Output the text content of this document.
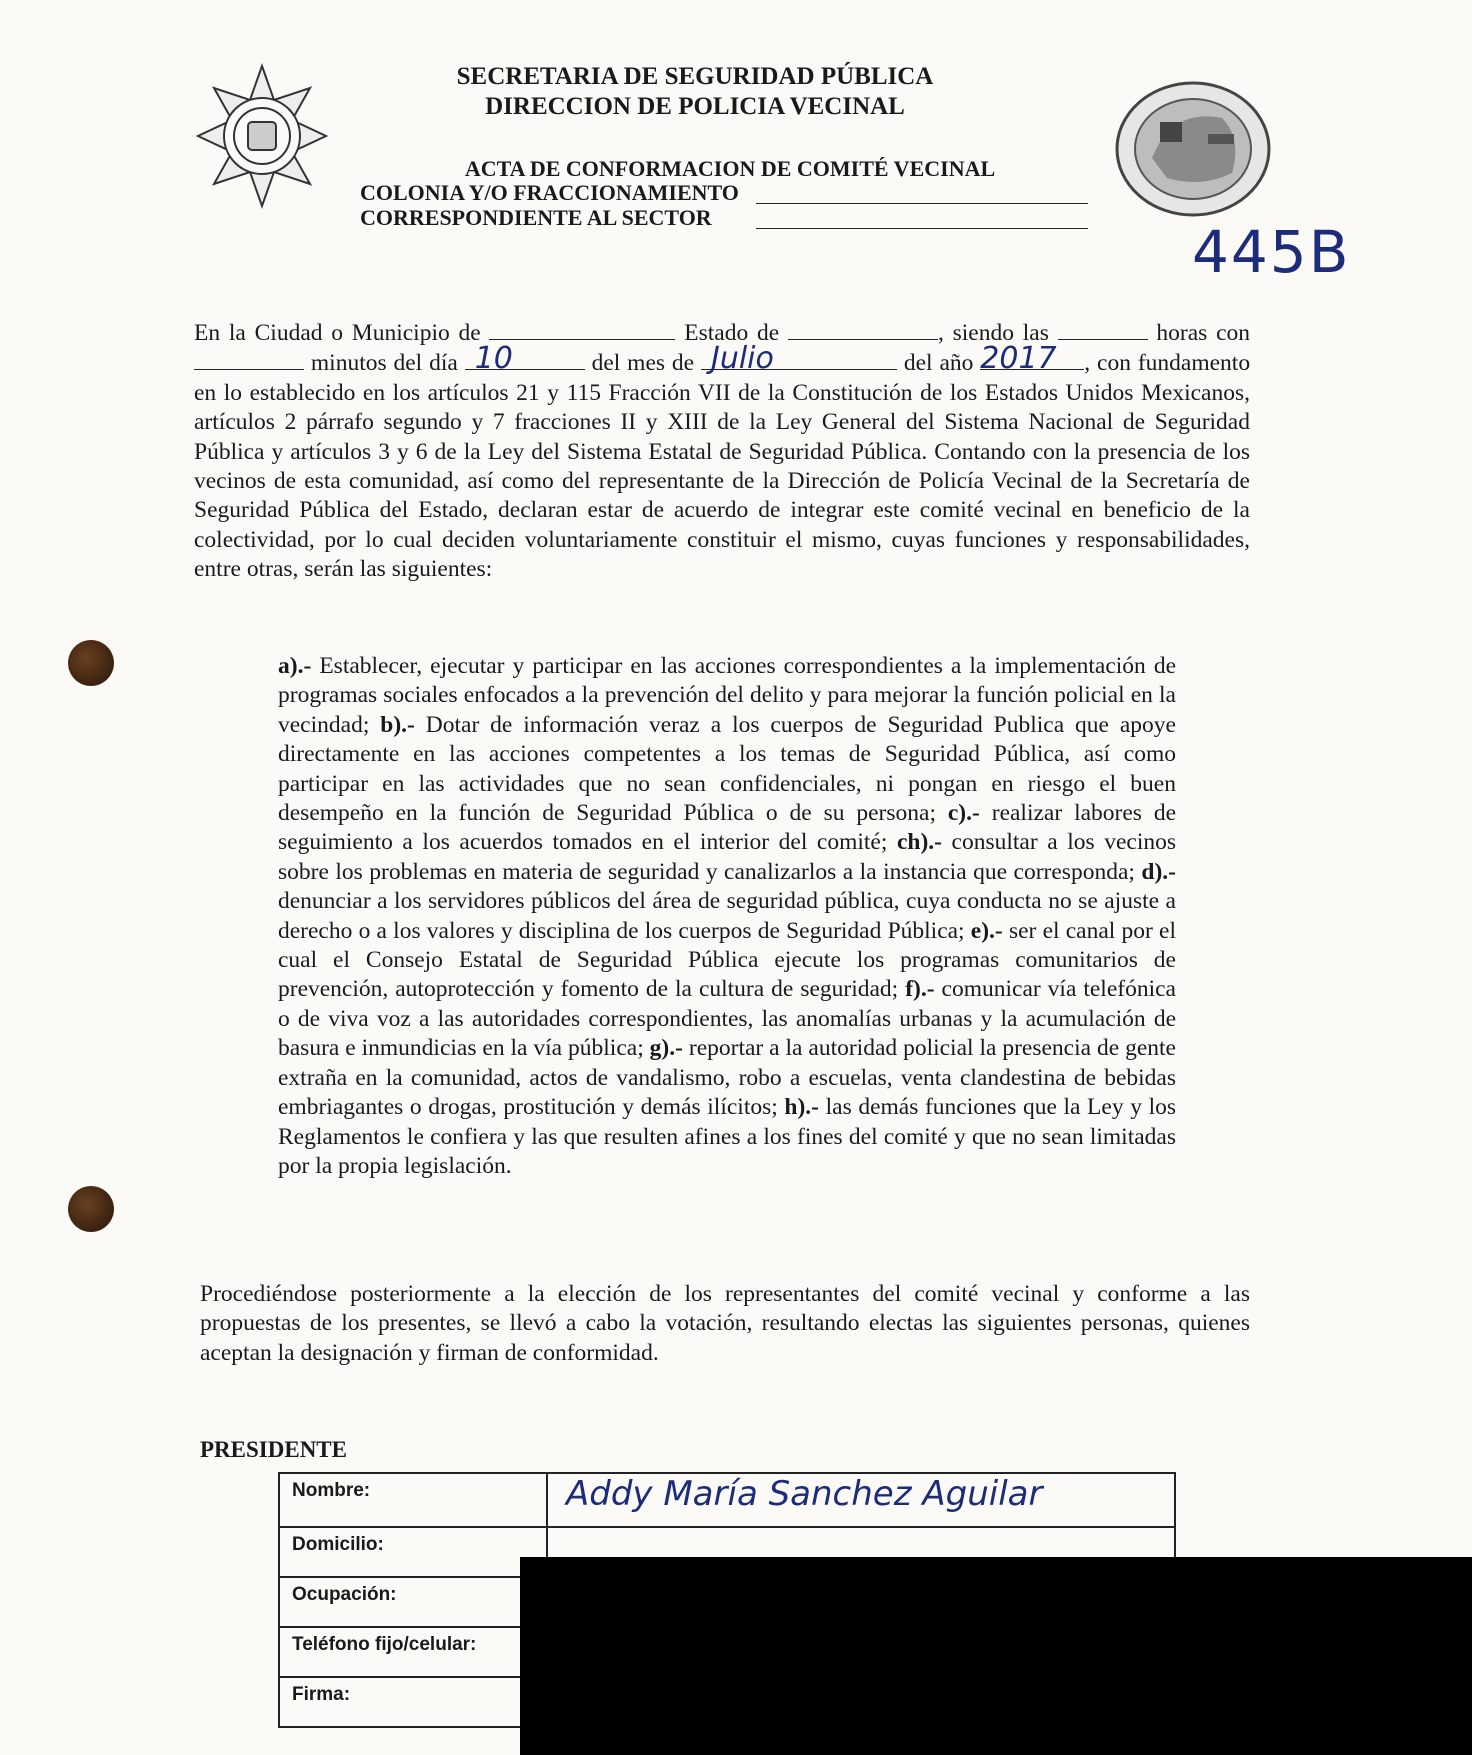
SECRETARIA DE SEGURIDAD PÚBLICA
DIRECCION DE POLICIA VECINAL
ACTA DE CONFORMACION DE COMITÉ VECINAL
COLONIA Y/O FRACCIONAMIENTO
CORRESPONDIENTE AL SECTOR
445B
En la Ciudad o Municipio de	Estado de	, siendo las	horas con  minutos del día 10	del mes de Julio	del año 2017 , con fundamento en lo establecido en los artículos 21 y 115 Fracción VII de la Constitución de los Estados Unidos Mexicanos, artículos 2 párrafo segundo y 7 fracciones II y XIII de la Ley General del Sistema Nacional de Seguridad Pública y artículos 3 y 6 de la Ley del Sistema Estatal de Seguridad Pública. Contando con la presencia de los vecinos de esta comunidad, así como del representante de la Dirección de Policía Vecinal de la Secretaría de Seguridad Pública del Estado, declaran estar de acuerdo de integrar este comité vecinal en beneficio de la colectividad, por lo cual deciden voluntariamente constituir el mismo, cuyas funciones y responsabilidades, entre otras, serán las siguientes:
a).- Establecer, ejecutar y participar en las acciones correspondientes a la implementación de programas sociales enfocados a la prevención del delito y para mejorar la función policial en la vecindad; b).- Dotar de información veraz a los cuerpos de Seguridad Publica que apoye directamente en las acciones competentes a los temas de Seguridad Pública, así como participar en las actividades que no sean confidenciales, ni pongan en riesgo el buen desempeño en la función de Seguridad Pública o de su persona; c).- realizar labores de seguimiento a los acuerdos tomados en el interior del comité; ch).- consultar a los vecinos sobre los problemas en materia de seguridad y canalizarlos a la instancia que corresponda; d).- denunciar a los servidores públicos del área de seguridad pública, cuya conducta no se ajuste a derecho o a los valores y disciplina de los cuerpos de Seguridad Pública; e).- ser el canal por el cual el Consejo Estatal de Seguridad Pública ejecute los programas comunitarios de prevención, autoprotección y fomento de la cultura de seguridad; f).- comunicar vía telefónica o de viva voz a las autoridades correspondientes, las anomalías urbanas y la acumulación de basura e inmundicias en la vía pública; g).- reportar a la autoridad policial la presencia de gente extraña en la comunidad, actos de vandalismo, robo a escuelas, venta clandestina de bebidas embriagantes o drogas, prostitución y demás ilícitos; h).- las demás funciones que la Ley y los Reglamentos le confiera y las que resulten afines a los fines del comité y que no sean limitadas por la propia legislación.
Procediéndose posteriormente a la elección de los representantes del comité vecinal y conforme a las propuestas de los presentes, se llevó a cabo la votación, resultando electas las siguientes personas, quienes aceptan la designación y firman de conformidad.
PRESIDENTE
Nombre:	Addy María Sanchez Aguilar
Domicilio:	
Ocupación:	
Teléfono fijo/celular:	
Firma:	
